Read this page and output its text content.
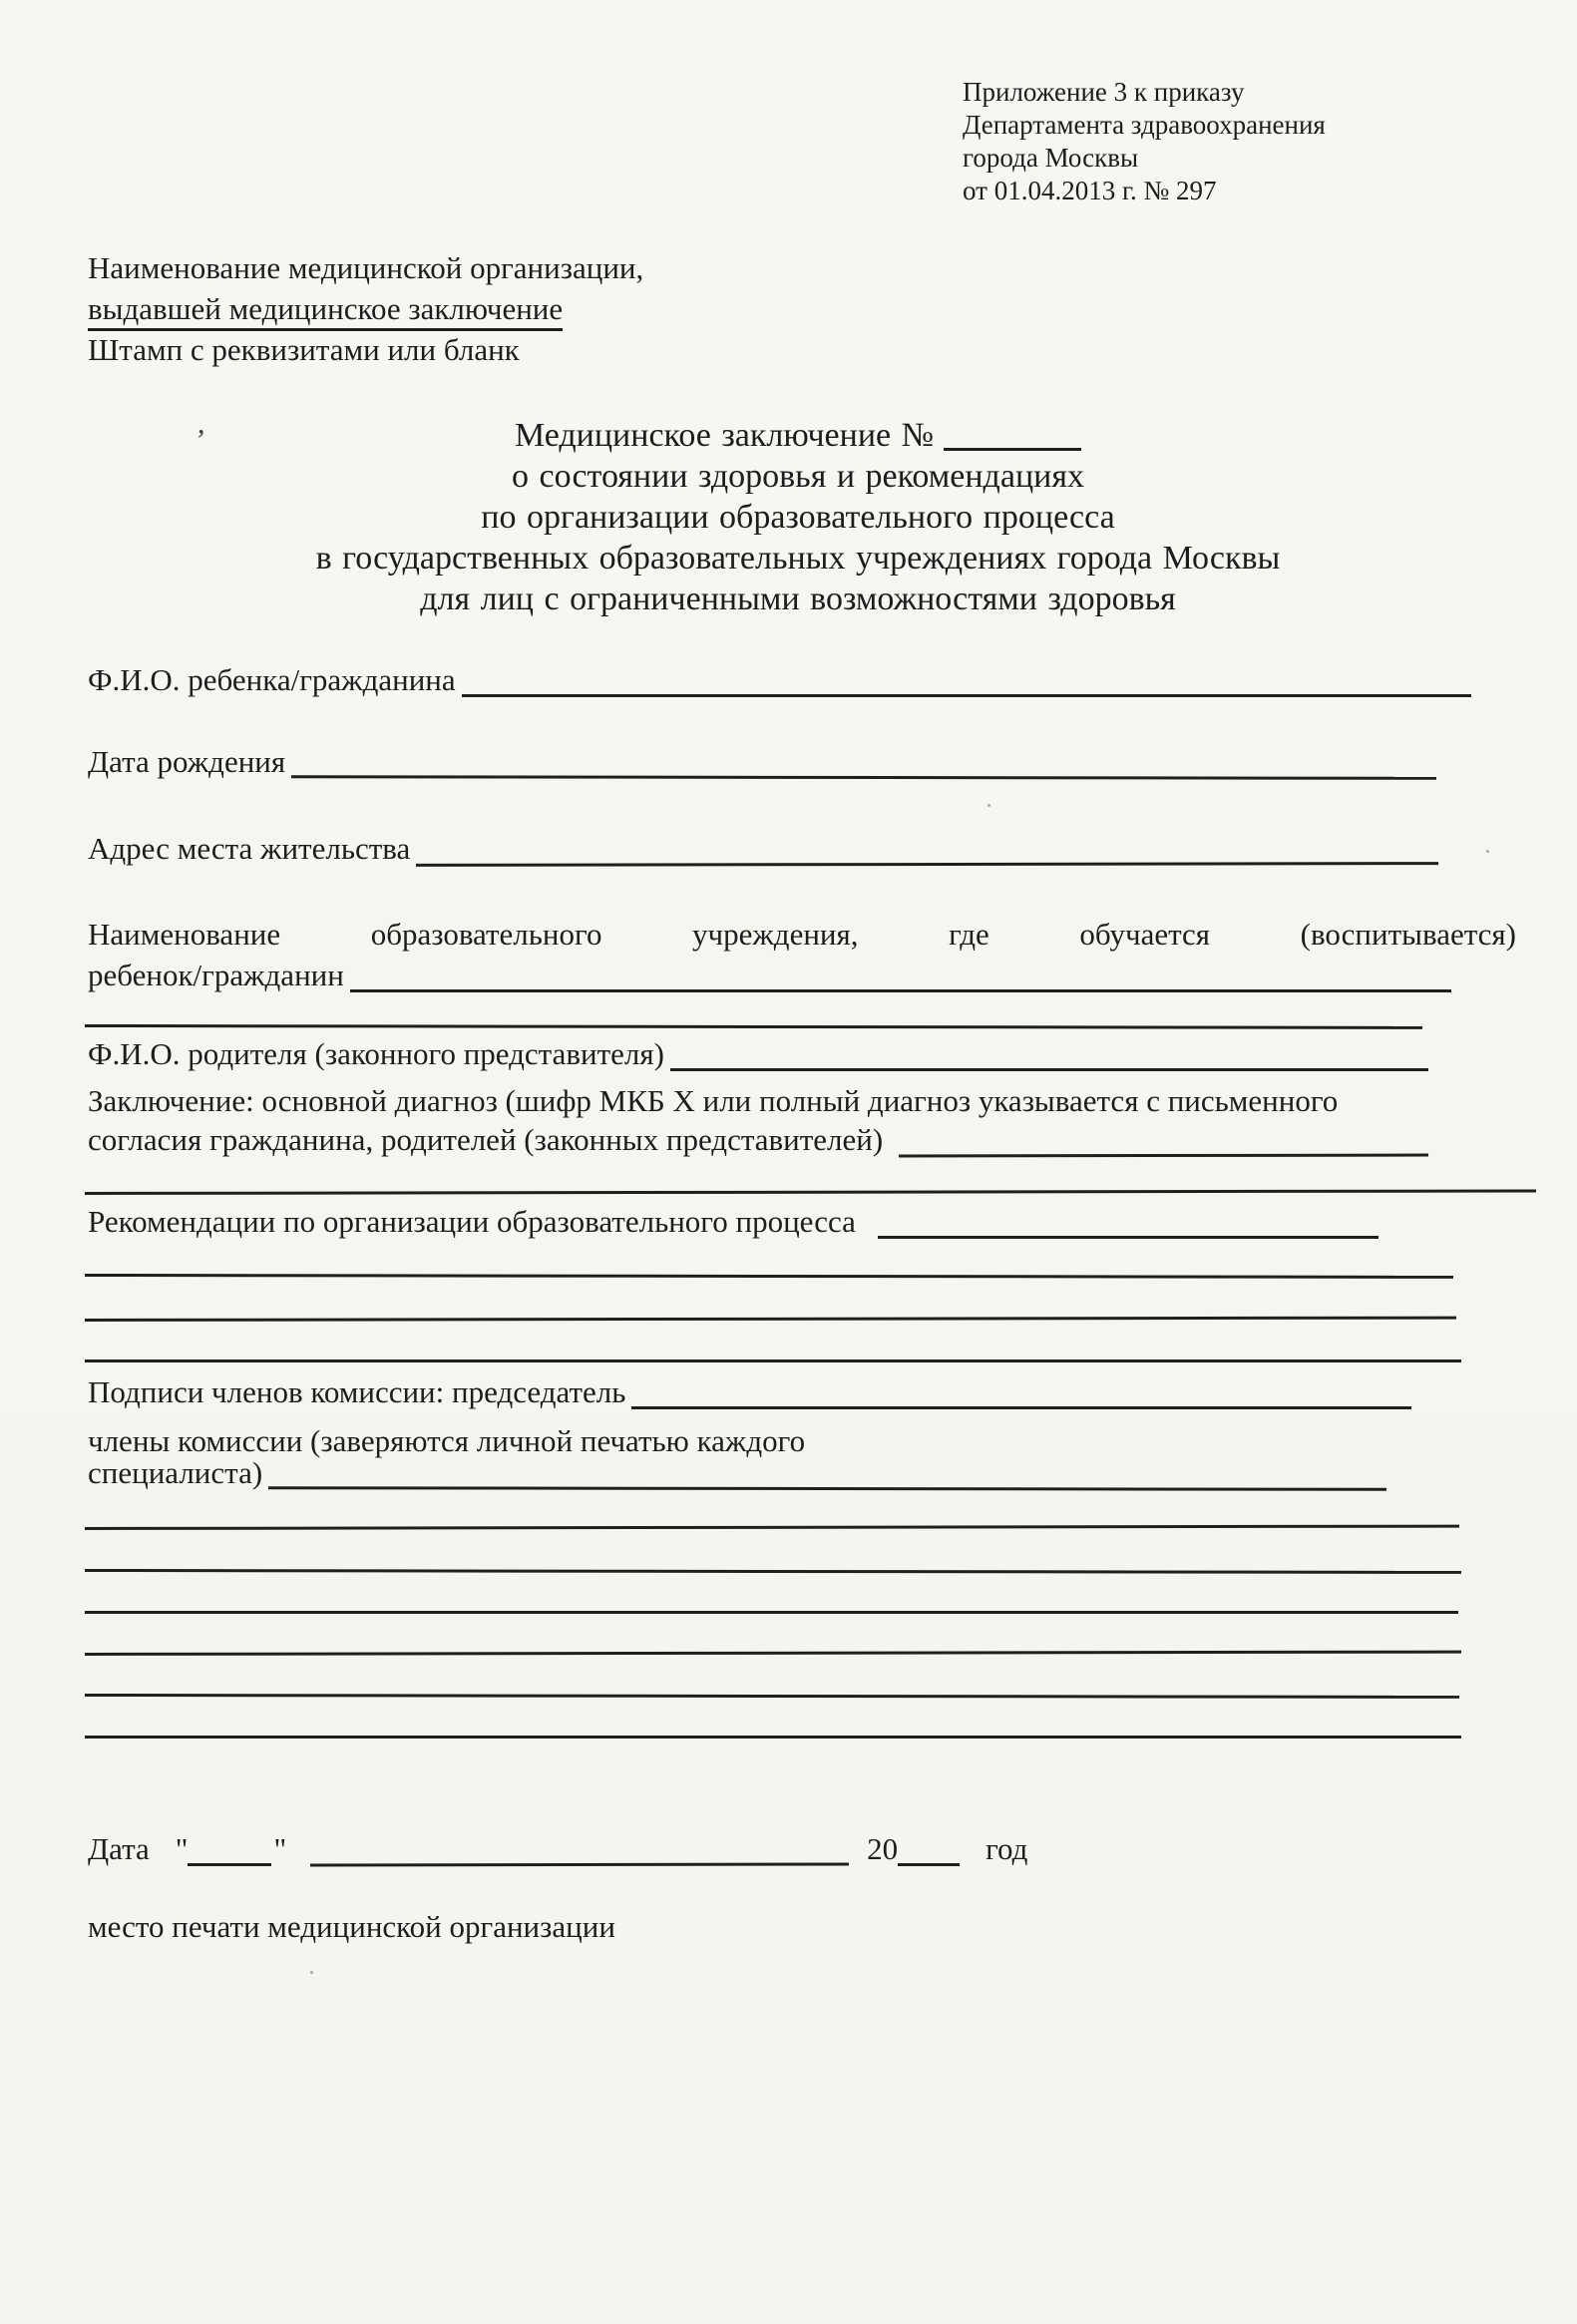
Приложение 3 к приказу
Департамента здравоохранения
города Москвы
от 01.04.2013 г. № 297
Наименование медицинской организации,
выдавшей медицинское заключение
Штамп с реквизитами или бланк
,	Медицинское заключение №
о состоянии здоровья и рекомендациях
по организации образовательного процесса
в государственных образовательных учреждениях города Москвы
для лиц с ограниченными возможностями здоровья
Ф.И.О. ребенка/гражданина
Дата рождения
Адрес места жительства
Наименование	образовательного	учреждения,	где	обучается	(воспитывается)
ребенок/гражданин
Ф.И.О. родителя (законного представителя)
Заключение: основной диагноз (шифр МКБ X или полный диагноз указывается с письменного
согласия гражданина, родителей (законных представителей)
Рекомендации по организации образовательного процесса
Подписи членов комиссии: председатель
члены комиссии (заверяются личной печатью каждого
специалиста)
Дата "	"	20	год
место печати медицинской организации
